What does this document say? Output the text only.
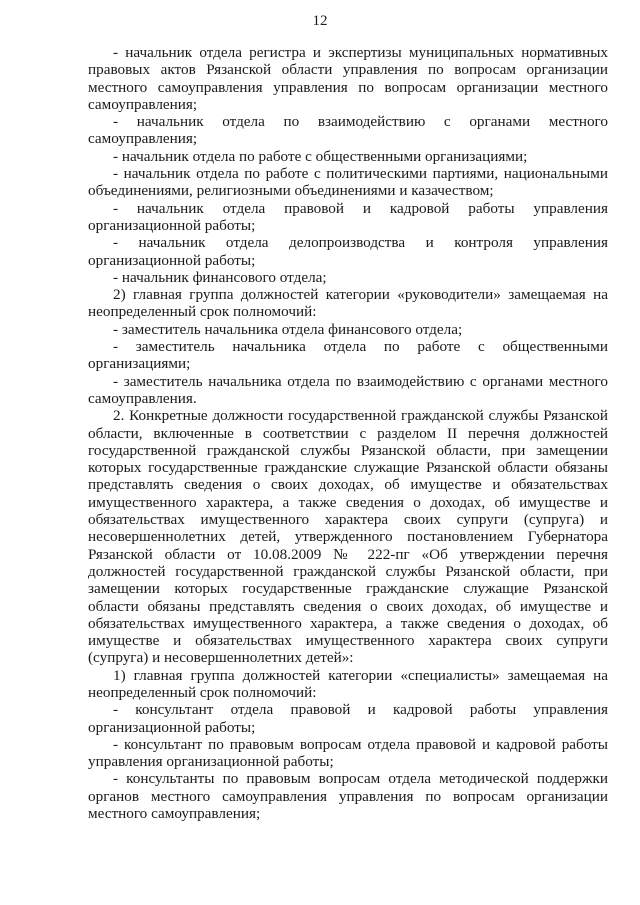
12

- начальник отдела регистра и экспертизы муниципальных нормативных правовых актов Рязанской области управления по вопросам организации местного самоуправления управления по вопросам организации местного самоуправления;

- начальник отдела по взаимодействию с органами местного самоуправления;

- начальник отдела по работе с общественными организациями;

- начальник отдела по работе с политическими партиями, национальными объединениями, религиозными объединениями и казачеством;

- начальник отдела правовой и кадровой работы управления организационной работы;

- начальник отдела делопроизводства и контроля управления организационной работы;

- начальник финансового отдела;

2) главная группа должностей категории «руководители» замещаемая на неопределенный срок полномочий:

- заместитель начальника отдела финансового отдела;

- заместитель начальника отдела по работе с общественными организациями;

- заместитель начальника отдела по взаимодействию с органами местного самоуправления.

2. Конкретные должности государственной гражданской службы Рязанской области, включенные в соответствии с разделом II перечня должностей государственной гражданской службы Рязанской области, при замещении которых государственные гражданские служащие Рязанской области обязаны представлять сведения о своих доходах, об имуществе и обязательствах имущественного характера, а также сведения о доходах, об имуществе и обязательствах имущественного характера своих супруги (супруга) и несовершеннолетних детей, утвержденного постановлением Губернатора Рязанской области от 10.08.2009 № 222-пг «Об утверждении перечня должностей государственной гражданской службы Рязанской области, при замещении которых государственные гражданские служащие Рязанской области обязаны представлять сведения о своих доходах, об имуществе и обязательствах имущественного характера, а также сведения о доходах, об имуществе и обязательствах имущественного характера своих супруги (супруга) и несовершеннолетних детей»:

1) главная группа должностей категории «специалисты» замещаемая на неопределенный срок полномочий:

- консультант отдела правовой и кадровой работы управления организационной работы;

- консультант по правовым вопросам отдела правовой и кадровой работы управления организационной работы;

- консультанты по правовым вопросам отдела методической поддержки органов местного самоуправления управления по вопросам организации местного самоуправления;
